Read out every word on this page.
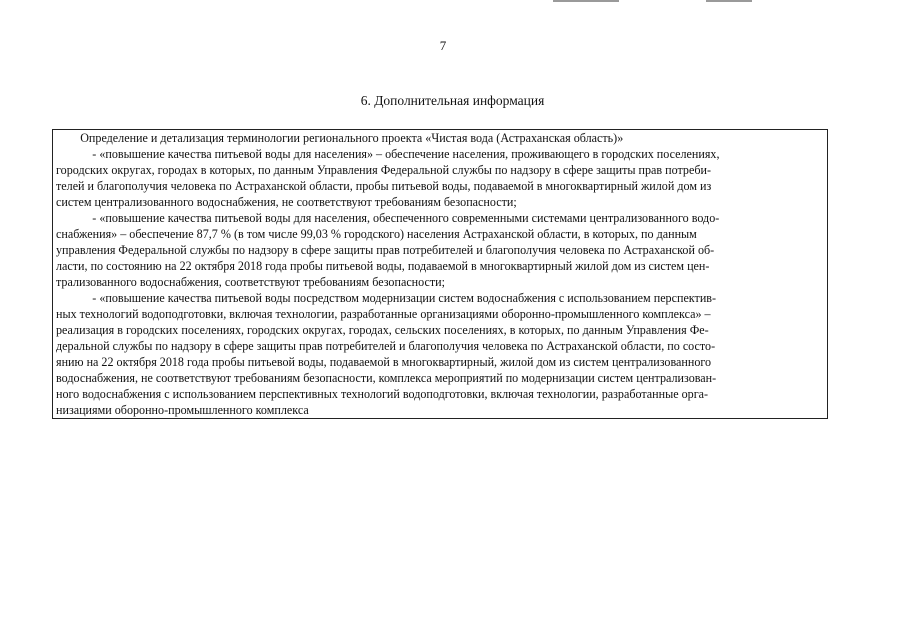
7
6. Дополнительная информация

Определение и детализация терминологии регионального проекта «Чистая вода (Астраханская область)»

- «повышение качества питьевой воды для населения» – обеспечение населения, проживающего в городских поселениях,

городских округах, городах в которых, по данным Управления Федеральной службы по надзору в сфере защиты прав потреби-

телей и благополучия человека по Астраханской области, пробы питьевой воды, подаваемой в многоквартирный жилой дом из

систем централизованного водоснабжения, не соответствуют требованиям безопасности;

- «повышение качества питьевой воды для населения, обеспеченного современными системами централизованного водо-

снабжения» – обеспечение 87,7 % (в том числе 99,03 % городского) населения Астраханской области, в которых, по данным

управления Федеральной службы по надзору в сфере защиты прав потребителей и благополучия человека по Астраханской об-

ласти, по состоянию на 22 октября 2018 года пробы питьевой воды, подаваемой в многоквартирный жилой дом из систем цен-

трализованного водоснабжения, соответствуют требованиям безопасности;

- «повышение качества питьевой воды посредством модернизации систем водоснабжения с использованием перспектив-

ных технологий водоподготовки, включая технологии, разработанные организациями оборонно-промышленного комплекса» –

реализация в городских поселениях, городских округах, городах, сельских поселениях, в которых, по данным Управления Фе-

деральной службы по надзору в сфере защиты прав потребителей и благополучия человека по Астраханской области, по состо-

янию на 22 октября 2018 года пробы питьевой воды, подаваемой в многоквартирный, жилой дом из систем централизованного

водоснабжения, не соответствуют требованиям безопасности, комплекса мероприятий по модернизации систем централизован-

ного водоснабжения с использованием перспективных технологий водоподготовки, включая технологии, разработанные орга-

низациями оборонно-промышленного комплекса
